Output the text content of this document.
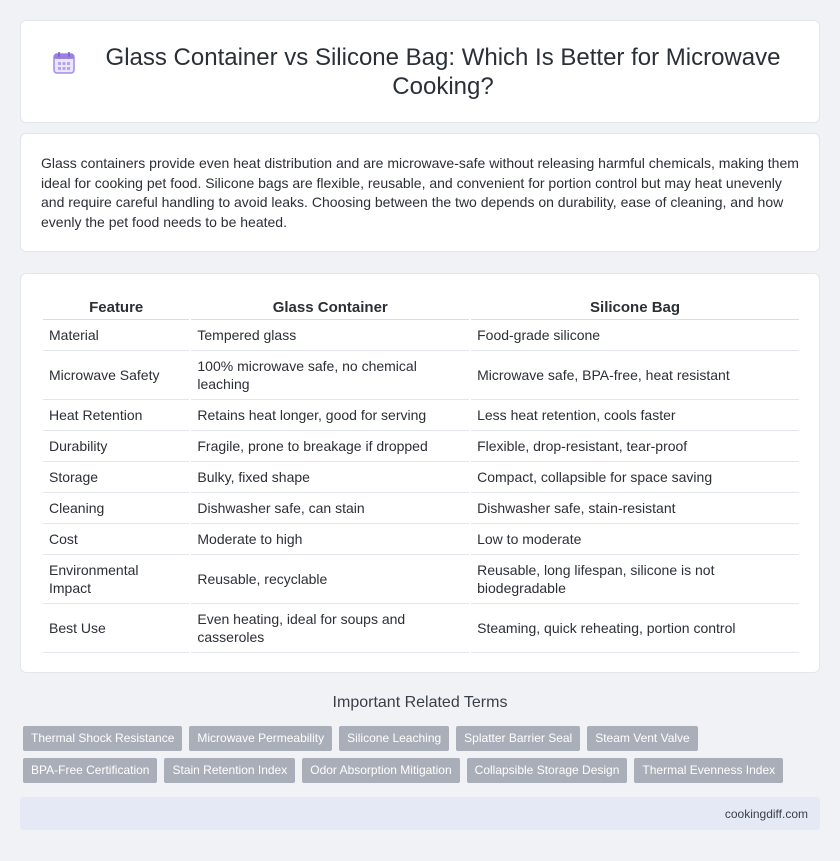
Glass Container vs Silicone Bag: Which Is Better for Microwave Cooking?

Glass containers provide even heat distribution and are microwave-safe without releasing harmful chemicals, making them ideal for cooking pet food. Silicone bags are flexible, reusable, and convenient for portion control but may heat unevenly and require careful handling to avoid leaks. Choosing between the two depends on durability, ease of cleaning, and how evenly the pet food needs to be heated.

Feature		Glass Container		Silicone Bag
Material		Tempered glass		Food-grade silicone
Microwave Safety		100% microwave safe, no chemical leaching		Microwave safe, BPA-free, heat resistant
Heat Retention		Retains heat longer, good for serving		Less heat retention, cools faster
Durability		Fragile, prone to breakage if dropped		Flexible, drop-resistant, tear-proof
Storage		Bulky, fixed shape		Compact, collapsible for space saving
Cleaning		Dishwasher safe, can stain		Dishwasher safe, stain-resistant
Cost		Moderate to high		Low to moderate
Environmental Impact		Reusable, recyclable		Reusable, long lifespan, silicone is not biodegradable
Best Use		Even heating, ideal for soups and casseroles		Steaming, quick reheating, portion control
Important Related Terms
Thermal Shock Resistance	Microwave Permeability	Silicone Leaching	Splatter Barrier Seal	Steam Vent Valve
BPA-Free Certification	Stain Retention Index	Odor Absorption Mitigation	Collapsible Storage Design	Thermal Evenness Index
cookingdiff.com
